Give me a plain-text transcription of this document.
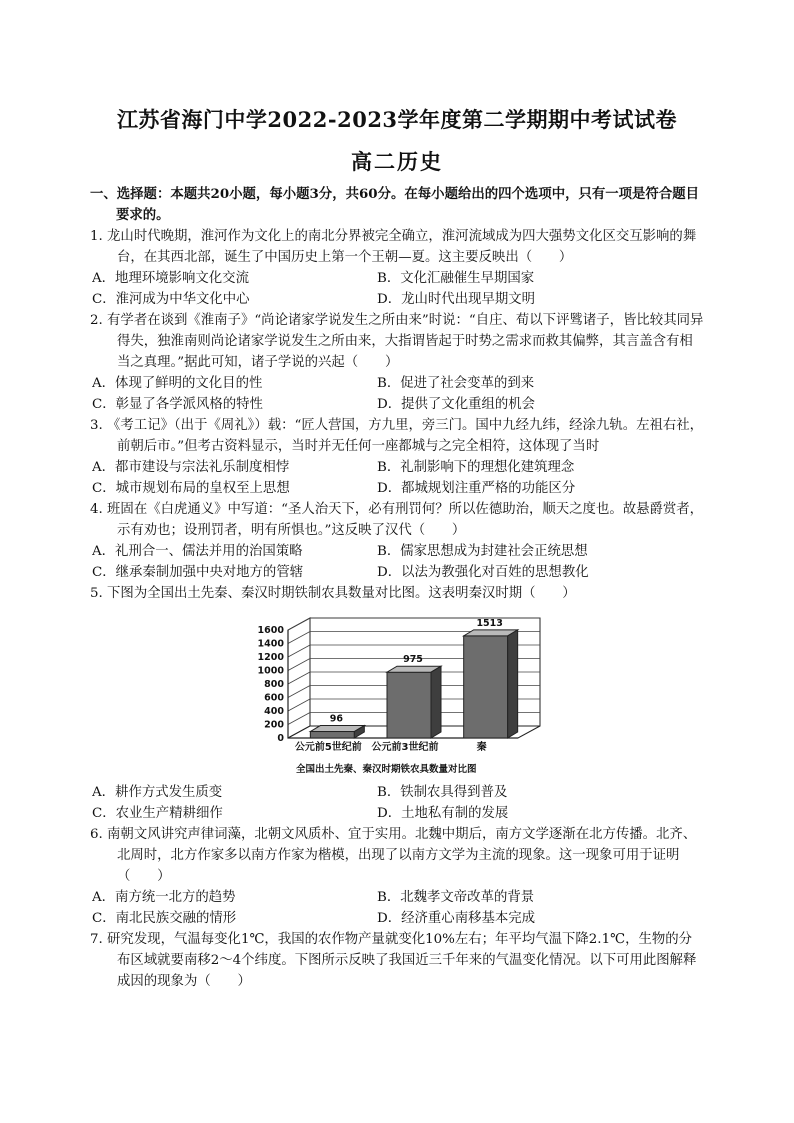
江苏省海门中学2022-2023学年度第二学期期中考试试卷
高二历史
一、选择题：本题共20小题，每小题3分，共60分。在每小题给出的四个选项中，只有一项是符合题目要求的。
1. 龙山时代晚期，淮河作为文化上的南北分界被完全确立，淮河流域成为四大强势文化区交互影响的舞台，在其西北部，诞生了中国历史上第一个王朝—夏。这主要反映出（　　）
A．地理环境影响文化交流	B．文化汇融催生早期国家
C．淮河成为中华文化中心	D．龙山时代出现早期文明
2. 有学者在谈到《淮南子》“尚论诸家学说发生之所由来”时说：“自庄、荀以下评骘诸子，皆比较其同异得失，独淮南则尚论诸家学说发生之所由来，大指谓皆起于时势之需求而救其偏弊，其言盖含有相当之真理。”据此可知，诸子学说的兴起（　　）
A．体现了鲜明的文化目的性	B．促进了社会变革的到来
C．彰显了各学派风格的特性	D．提供了文化重组的机会
3. 《考工记》（出于《周礼》）载：“匠人营国，方九里，旁三门。国中九经九纬，经涂九轨。左祖右社，前朝后市。”但考古资料显示，当时并无任何一座都城与之完全相符，这体现了当时
A．都市建设与宗法礼乐制度相悖	B．礼制影响下的理想化建筑理念
C．城市规划布局的皇权至上思想	D．都城规划注重严格的功能区分
4. 班固在《白虎通义》中写道：“圣人治天下，必有刑罚何？所以佐德助治，顺天之度也。故悬爵赏者，示有劝也；设刑罚者，明有所惧也。”这反映了汉代（　　）
A．礼刑合一、儒法并用的治国策略	B．儒家思想成为封建社会正统思想
C．继承秦制加强中央对地方的管辖	D．以法为教强化对百姓的思想教化
5. 下图为全国出土先秦、秦汉时期铁制农具数量对比图。这表明秦汉时期（　　）
0
200
400
600
800
1000
1200
1400
1600
96
公元前5世纪前
975
公元前3世纪前
1513
秦
全国出土先秦、秦汉时期铁农具数量对比图
A．耕作方式发生质变	B．铁制农具得到普及
C．农业生产精耕细作	D．土地私有制的发展
6. 南朝文风讲究声律词藻，北朝文风质朴、宜于实用。北魏中期后，南方文学逐渐在北方传播。北齐、北周时，北方作家多以南方作家为楷模，出现了以南方文学为主流的现象。这一现象可用于证明（　　）
A．南方统一北方的趋势	B．北魏孝文帝改革的背景
C．南北民族交融的情形	D．经济重心南移基本完成
7. 研究发现，气温每变化1℃，我国的农作物产量就变化10%左右；年平均气温下降2.1℃，生物的分布区域就要南移2～4个纬度。下图所示反映了我国近三千年来的气温变化情况。以下可用此图解释成因的现象为（　　）
